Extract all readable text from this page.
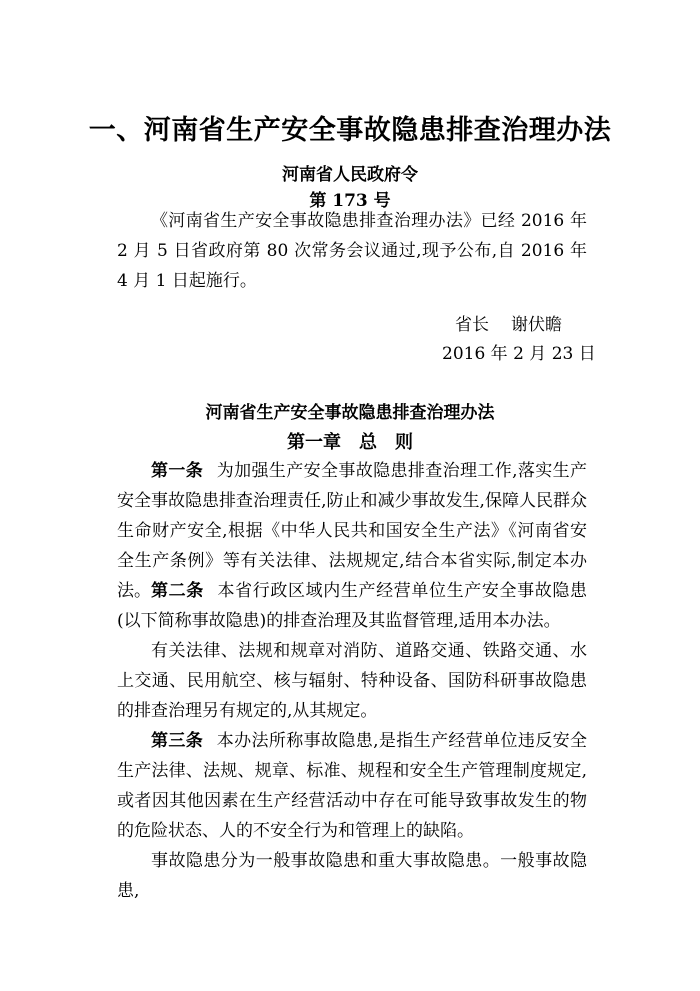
一、河南省生产安全事故隐患排查治理办法
河南省人民政府令
第 173 号
《河南省生产安全事故隐患排查治理办法》已经 2016 年 2 月 5 日省政府第 80 次常务会议通过,现予公布,自 2016 年 4 月 1 日起施行。
省长 谢伏瞻
2016 年 2 月 23 日
河南省生产安全事故隐患排查治理办法
第一章　总　则
第一条 为加强生产安全事故隐患排查治理工作,落实生产安全事故隐患排查治理责任,防止和减少事故发生,保障人民群众生命财产安全,根据《中华人民共和国安全生产法》《河南省安全生产条例》等有关法律、法规规定,结合本省实际,制定本办法。 第二条 本省行政区域内生产经营单位生产安全事故隐患(以下简称事故隐患)的排查治理及其监督管理,适用本办法。
有关法律、法规和规章对消防、道路交通、铁路交通、水上交通、民用航空、核与辐射、特种设备、国防科研事故隐患的排查治理另有规定的,从其规定。
第三条 本办法所称事故隐患,是指生产经营单位违反安全生产法律、法规、规章、标准、规程和安全生产管理制度规定,或者因其他因素在生产经营活动中存在可能导致事故发生的物的危险状态、人的不安全行为和管理上的缺陷。
事故隐患分为一般事故隐患和重大事故隐患。一般事故隐患,
